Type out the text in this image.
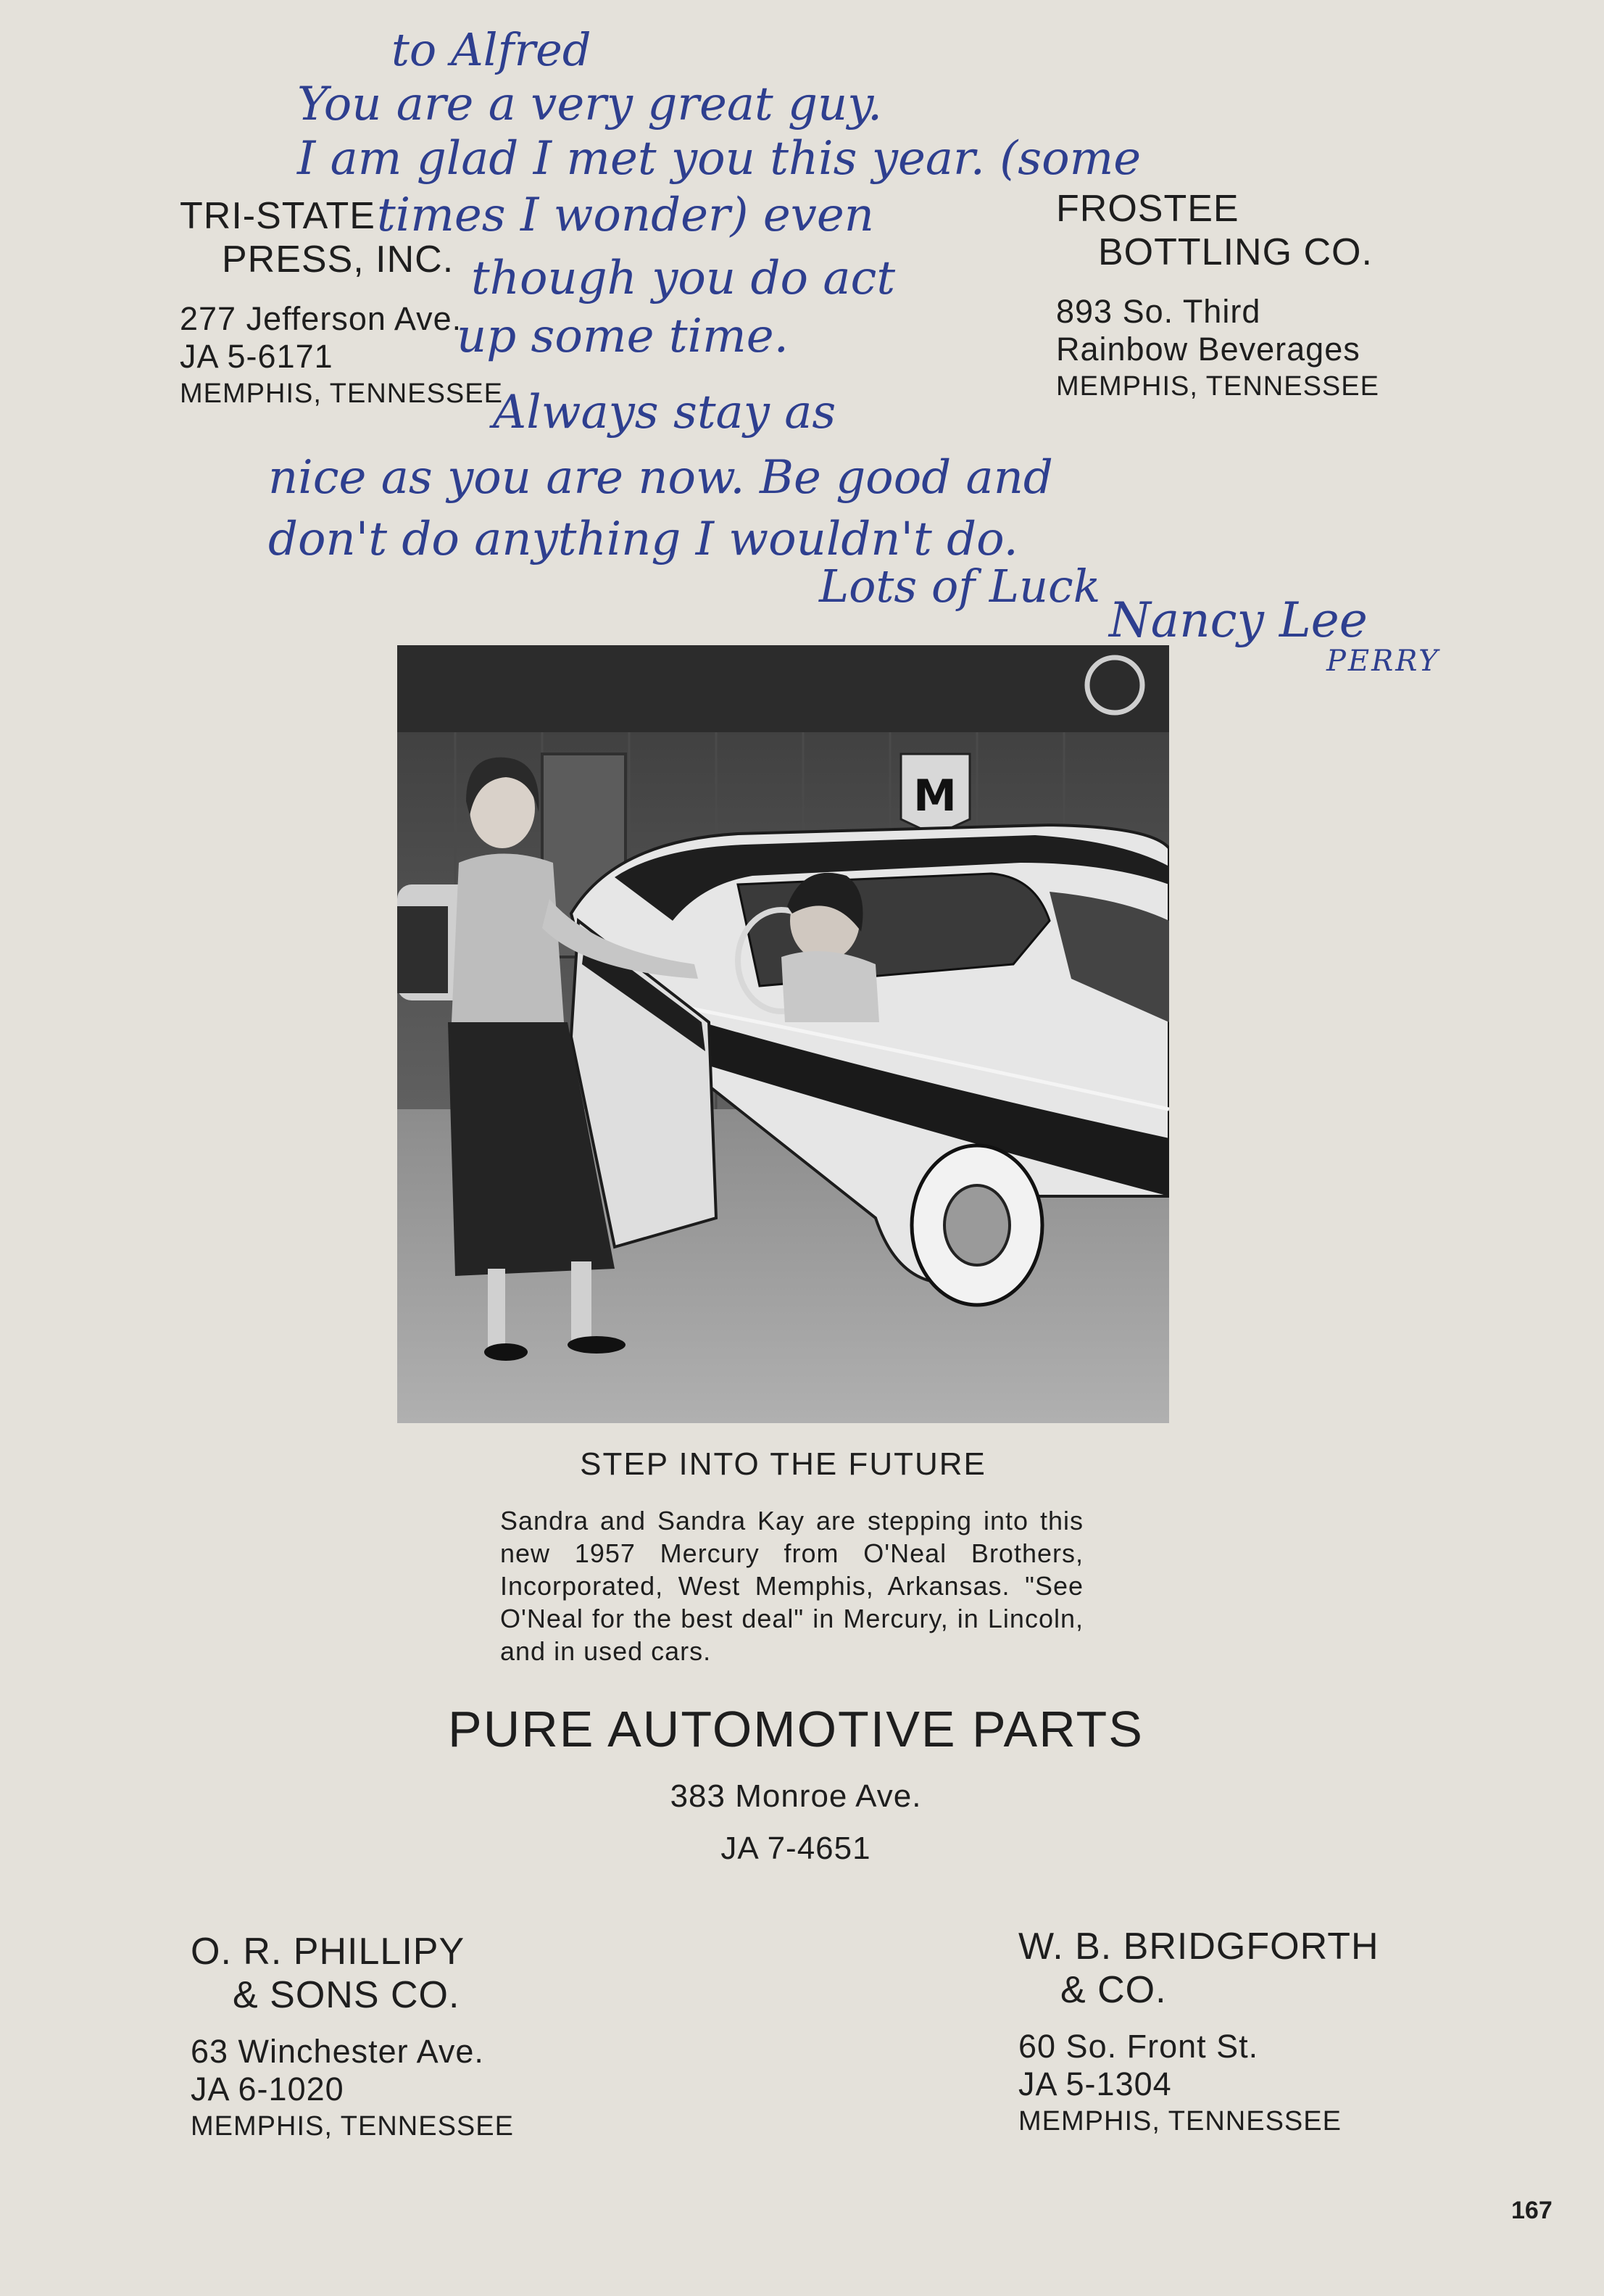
TRI-STATE
PRESS, INC.
277 Jefferson Ave.
JA 5-6171
MEMPHIS, TENNESSEE
FROSTEE
BOTTLING CO.
893 So. Third
Rainbow Beverages
MEMPHIS, TENNESSEE
M
STEP INTO THE FUTURE
Sandra and Sandra Kay are stepping into this new 1957 Mercury from O'Neal Brothers, Incorporated, West Memphis, Arkansas. "See O'Neal for the best deal" in Mercury, in Lincoln, and in used cars.
PURE AUTOMOTIVE PARTS
383 Monroe Ave.
JA 7-4651
O. R. PHILLIPY
& SONS CO.
63 Winchester Ave.
JA 6-1020
MEMPHIS, TENNESSEE
W. B. BRIDGFORTH
& CO.
60 So. Front St.
JA 5-1304
MEMPHIS, TENNESSEE
167
to Alfred
You are a very great guy.
I am glad I met you this year. (some
times I wonder) even
though you do act
up some time.
Always stay as
nice as you are now. Be good and
don't do anything I wouldn't do.
Lots of Luck
Nancy Lee
PERRY
